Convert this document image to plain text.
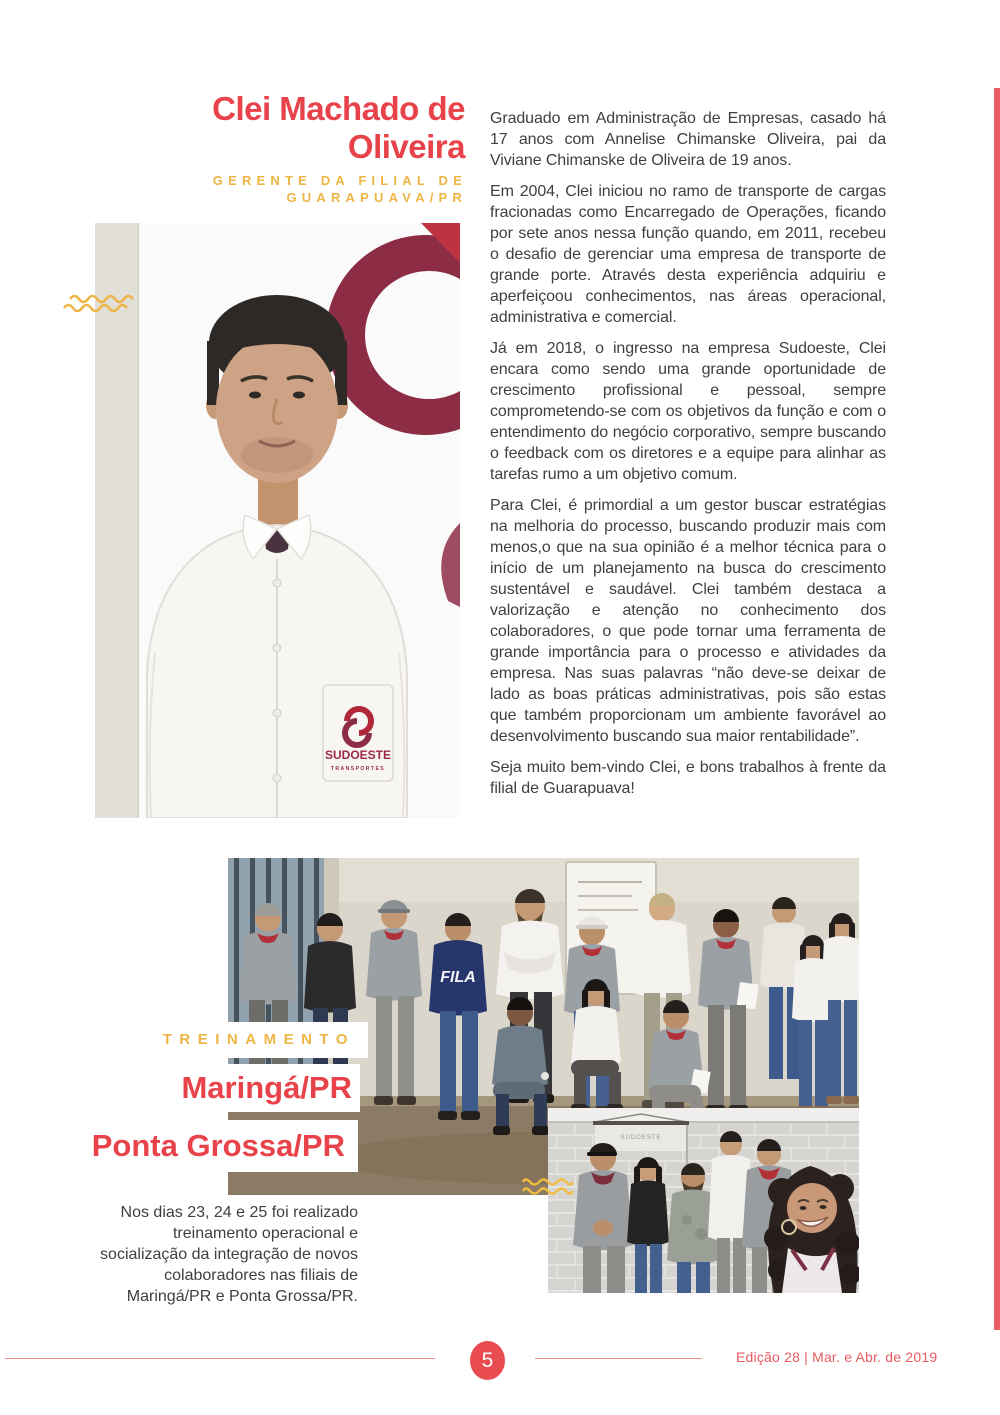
Clei Machado de
Oliveira
GERENTE DA FILIAL DE
GUARAPUAVA/PR
SUDOESTE
TRANSPORTES

Graduado em Administração de Empresas, casado há 17 anos com Annelise Chimanske Oliveira, pai da Viviane Chimanske de Oliveira de 19 anos.

Em 2004, Clei iniciou no ramo de transporte de cargas fracionadas como Encarregado de Operações, ficando por sete anos nessa função quando, em 2011, recebeu o desafio de gerenciar uma empresa de transporte de grande porte. Através desta experiência adquiriu e aperfeiçoou conhecimentos, nas áreas operacional, administrativa e comercial.

Já em 2018, o ingresso na empresa Sudoeste, Clei encara como sendo uma grande oportunidade de crescimento profissional e pessoal, sempre comprometendo-se com os objetivos da função e com o entendimento do negócio corporativo, sempre buscando o feedback com os diretores e a equipe para alinhar as tarefas rumo a um objetivo comum.

Para Clei, é primordial a um gestor buscar estratégias na melhoria do processo, buscando produzir mais com menos,o que na sua opinião é a melhor técnica para o início de um planejamento na busca do crescimento sustentável e saudável. Clei também destaca a valorização e atenção no conhecimento dos colaboradores, o que pode tornar uma ferramenta de grande importância para o processo e atividades da empresa. Nas suas palavras “não deve-se deixar de lado as boas práticas administrativas, pois são estas que também proporcionam um ambiente favorável ao desenvolvimento buscando sua maior rentabilidade”.

Seja muito bem-vindo Clei, e bons trabalhos à frente da filial de Guarapuava!

FILA
TREINAMENTO
Maringá/PR
Ponta Grossa/PR

Nos dias 23, 24 e 25 foi realizado treinamento operacional e socialização da integração de novos colaboradores nas filiais de Maringá/PR e Ponta Grossa/PR.

SUDOESTE
5	Edição 28 | Mar. e Abr. de 2019
